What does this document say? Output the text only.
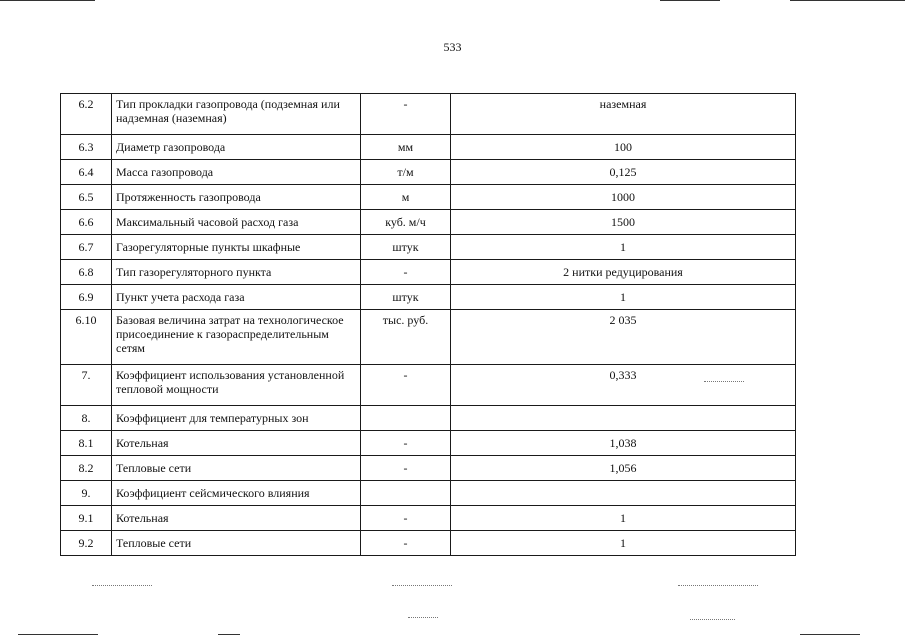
533
6.2	Тип прокладки газопровода (подземная или надземная (наземная)	-	наземная
6.3	Диаметр газопровода	мм	100
6.4	Масса газопровода	т/м	0,125
6.5	Протяженность газопровода	м	1000
6.6	Максимальный часовой расход газа	куб. м/ч	1500
6.7	Газорегуляторные пункты шкафные	штук	1
6.8	Тип газорегуляторного пункта	-	2 нитки редуцирования
6.9	Пункт учета расхода газа	штук	1
6.10	Базовая величина затрат на технологическое присоединение к газораспределительным сетям	тыс. руб.	2 035
7.	Коэффициент использования установленной тепловой мощности	-	0,333
8.	Коэффициент для температурных зон		
8.1	Котельная	-	1,038
8.2	Тепловые сети	-	1,056
9.	Коэффициент сейсмического влияния		
9.1	Котельная	-	1
9.2	Тепловые сети	-	1
